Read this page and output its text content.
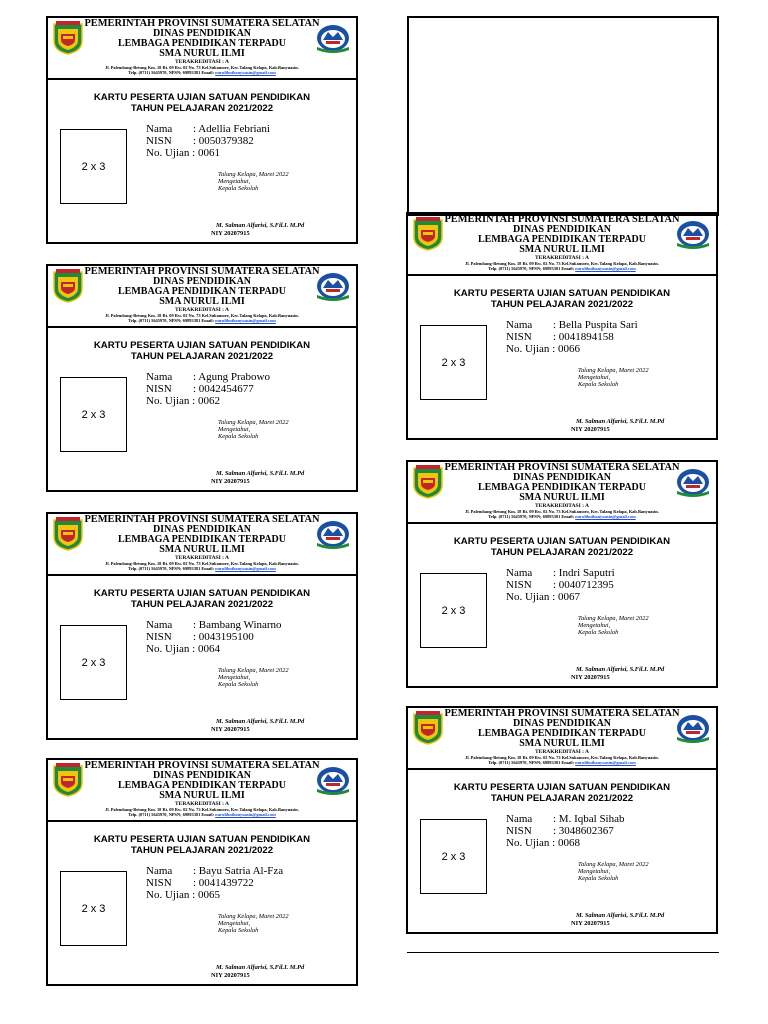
PEMERINTAH PROVINSI SUMATERA SELATAN
DINAS PENDIDIKAN
LEMBAGA PENDIDIKAN TERPADU
SMA NURUL ILMI
TERAKREDITASI : A
Jl. Palembang-Betung Km. 18 Rt. 09 Rw. 02 No. 73 Kel.Sukamoro, Kec.Talang Kelapa, Kab.Banyuasin.
Telp. (0711) 5645970, NPSN; 69893381 Email: nurulilmibanyuasin@gmail.com
KARTU PESERTA UJIAN SATUAN PENDIDIKAN
TAHUN PELAJARAN 2021/2022
2 x 3
Nama : Adellia Febriani
NISN : 0050379382
No. Ujian : 0061
Talang Kelapa, Maret 2022
Mengetahui,
Kepala Sekolah
M. Salman Alfarisi, S.Fil.I. M.Pd
NIY 20207915
PEMERINTAH PROVINSI SUMATERA SELATAN
DINAS PENDIDIKAN
LEMBAGA PENDIDIKAN TERPADU
SMA NURUL ILMI
TERAKREDITASI : A
Jl. Palembang-Betung Km. 18 Rt. 09 Rw. 02 No. 73 Kel.Sukamoro, Kec.Talang Kelapa, Kab.Banyuasin.
Telp. (0711) 5645970, NPSN; 69893381 Email: nurulilmibanyuasin@gmail.com
KARTU PESERTA UJIAN SATUAN PENDIDIKAN
TAHUN PELAJARAN 2021/2022
2 x 3
Nama : Agung Prabowo
NISN : 0042454677
No. Ujian : 0062
Talang Kelapa, Maret 2022
Mengetahui,
Kepala Sekolah
M. Salman Alfarisi, S.Fil.I. M.Pd
NIY 20207915
PEMERINTAH PROVINSI SUMATERA SELATAN
DINAS PENDIDIKAN
LEMBAGA PENDIDIKAN TERPADU
SMA NURUL ILMI
TERAKREDITASI : A
Jl. Palembang-Betung Km. 18 Rt. 09 Rw. 02 No. 73 Kel.Sukamoro, Kec.Talang Kelapa, Kab.Banyuasin.
Telp. (0711) 5645970, NPSN; 69893381 Email: nurulilmibanyuasin@gmail.com
KARTU PESERTA UJIAN SATUAN PENDIDIKAN
TAHUN PELAJARAN 2021/2022
2 x 3
Nama : Bambang Winarno
NISN : 0043195100
No. Ujian : 0064
Talang Kelapa, Maret 2022
Mengetahui,
Kepala Sekolah
M. Salman Alfarisi, S.Fil.I. M.Pd
NIY 20207915
PEMERINTAH PROVINSI SUMATERA SELATAN
DINAS PENDIDIKAN
LEMBAGA PENDIDIKAN TERPADU
SMA NURUL ILMI
TERAKREDITASI : A
Jl. Palembang-Betung Km. 18 Rt. 09 Rw. 02 No. 73 Kel.Sukamoro, Kec.Talang Kelapa, Kab.Banyuasin.
Telp. (0711) 5645970, NPSN; 69893381 Email: nurulilmibanyuasin@gmail.com
KARTU PESERTA UJIAN SATUAN PENDIDIKAN
TAHUN PELAJARAN 2021/2022
2 x 3
Nama : Bayu Satria Al-Fza
NISN : 0041439722
No. Ujian : 0065
Talang Kelapa, Maret 2022
Mengetahui,
Kepala Sekolah
M. Salman Alfarisi, S.Fil.I. M.Pd
NIY 20207915
PEMERINTAH PROVINSI SUMATERA SELATAN
DINAS PENDIDIKAN
LEMBAGA PENDIDIKAN TERPADU
SMA NURUL ILMI
TERAKREDITASI : A
Jl. Palembang-Betung Km. 18 Rt. 09 Rw. 02 No. 73 Kel.Sukamoro, Kec.Talang Kelapa, Kab.Banyuasin.
Telp. (0711) 5645970, NPSN; 69893381 Email: nurulilmibanyuasin@gmail.com
KARTU PESERTA UJIAN SATUAN PENDIDIKAN
TAHUN PELAJARAN 2021/2022
2 x 3
Nama : Bella Puspita Sari
NISN : 0041894158
No. Ujian : 0066
Talang Kelapa, Maret 2022
Mengetahui,
Kepala Sekolah
M. Salman Alfarisi, S.Fil.I. M.Pd
NIY 20207915
PEMERINTAH PROVINSI SUMATERA SELATAN
DINAS PENDIDIKAN
LEMBAGA PENDIDIKAN TERPADU
SMA NURUL ILMI
TERAKREDITASI : A
Jl. Palembang-Betung Km. 18 Rt. 09 Rw. 02 No. 73 Kel.Sukamoro, Kec.Talang Kelapa, Kab.Banyuasin.
Telp. (0711) 5645970, NPSN; 69893381 Email: nurulilmibanyuasin@gmail.com
KARTU PESERTA UJIAN SATUAN PENDIDIKAN
TAHUN PELAJARAN 2021/2022
2 x 3
Nama : Indri Saputri
NISN : 0040712395
No. Ujian : 0067
Talang Kelapa, Maret 2022
Mengetahui,
Kepala Sekolah
M. Salman Alfarisi, S.Fil.I. M.Pd
NIY 20207915
PEMERINTAH PROVINSI SUMATERA SELATAN
DINAS PENDIDIKAN
LEMBAGA PENDIDIKAN TERPADU
SMA NURUL ILMI
TERAKREDITASI : A
Jl. Palembang-Betung Km. 18 Rt. 09 Rw. 02 No. 73 Kel.Sukamoro, Kec.Talang Kelapa, Kab.Banyuasin.
Telp. (0711) 5645970, NPSN; 69893381 Email: nurulilmibanyuasin@gmail.com
KARTU PESERTA UJIAN SATUAN PENDIDIKAN
TAHUN PELAJARAN 2021/2022
2 x 3
Nama : M. Iqbal Sihab
NISN : 3048602367
No. Ujian : 0068
Talang Kelapa, Maret 2022
Mengetahui,
Kepala Sekolah
M. Salman Alfarisi, S.Fil.I. M.Pd
NIY 20207915
